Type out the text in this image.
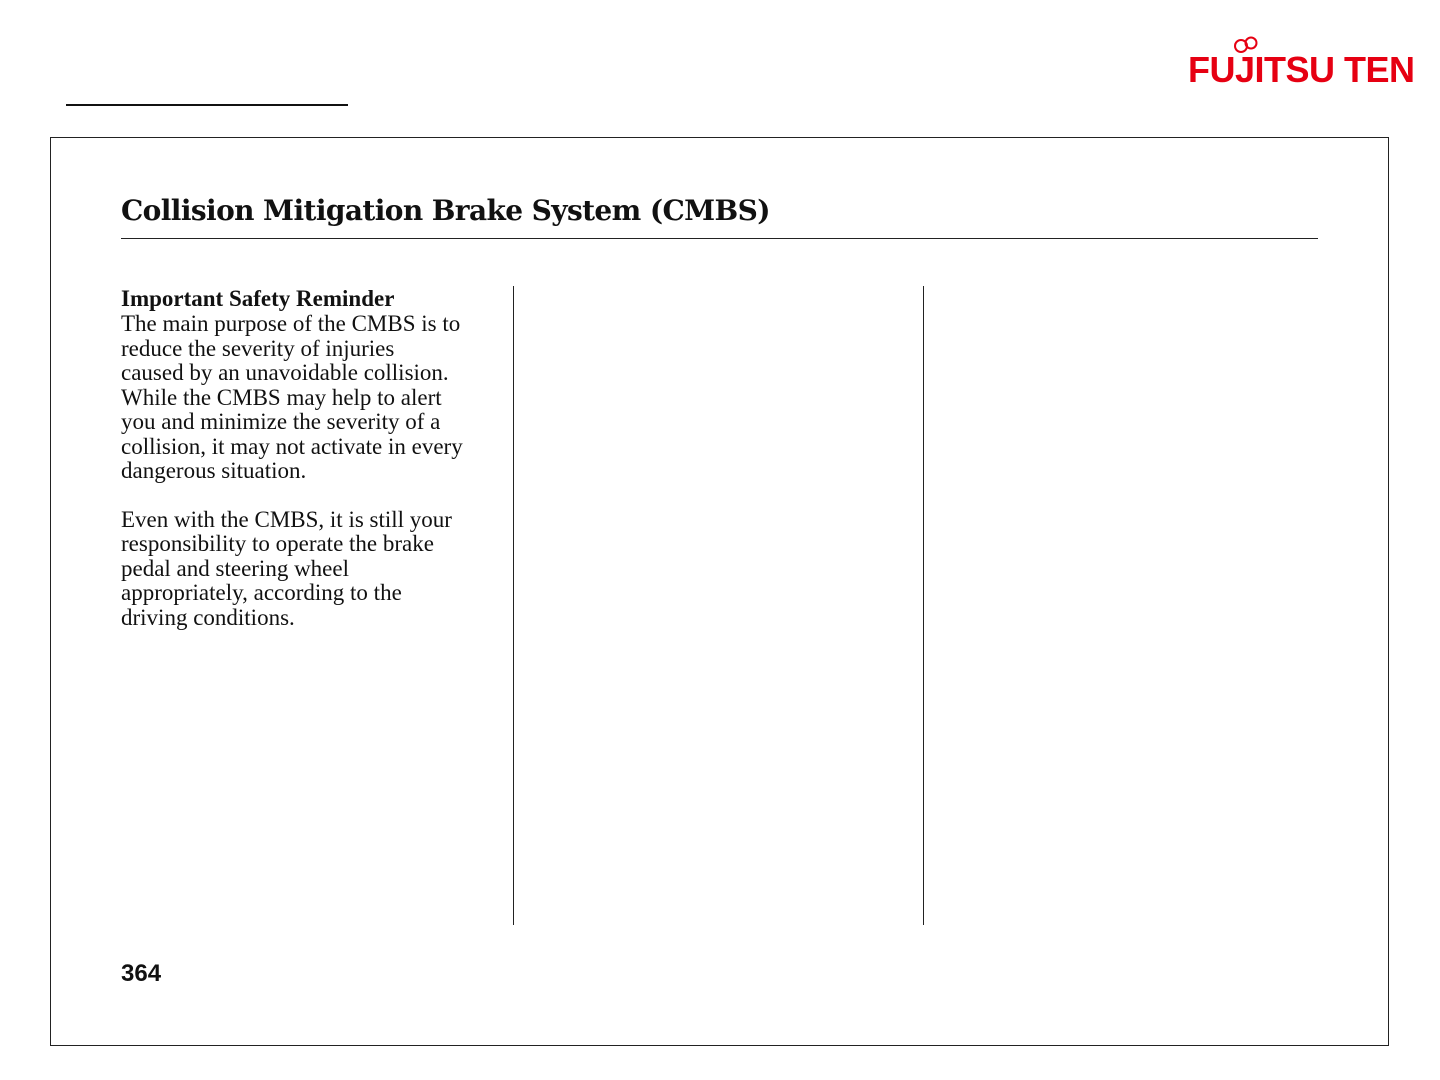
FUJITSU TEN
Collision Mitigation Brake System (CMBS)

Important Safety Reminder

The main purpose of the CMBS is to
reduce the severity of injuries
caused by an unavoidable collision.
While the CMBS may help to alert
you and minimize the severity of a
collision, it may not activate in every
dangerous situation.

Even with the CMBS, it is still your
responsibility to operate the brake
pedal and steering wheel
appropriately, according to the
driving conditions.

364
